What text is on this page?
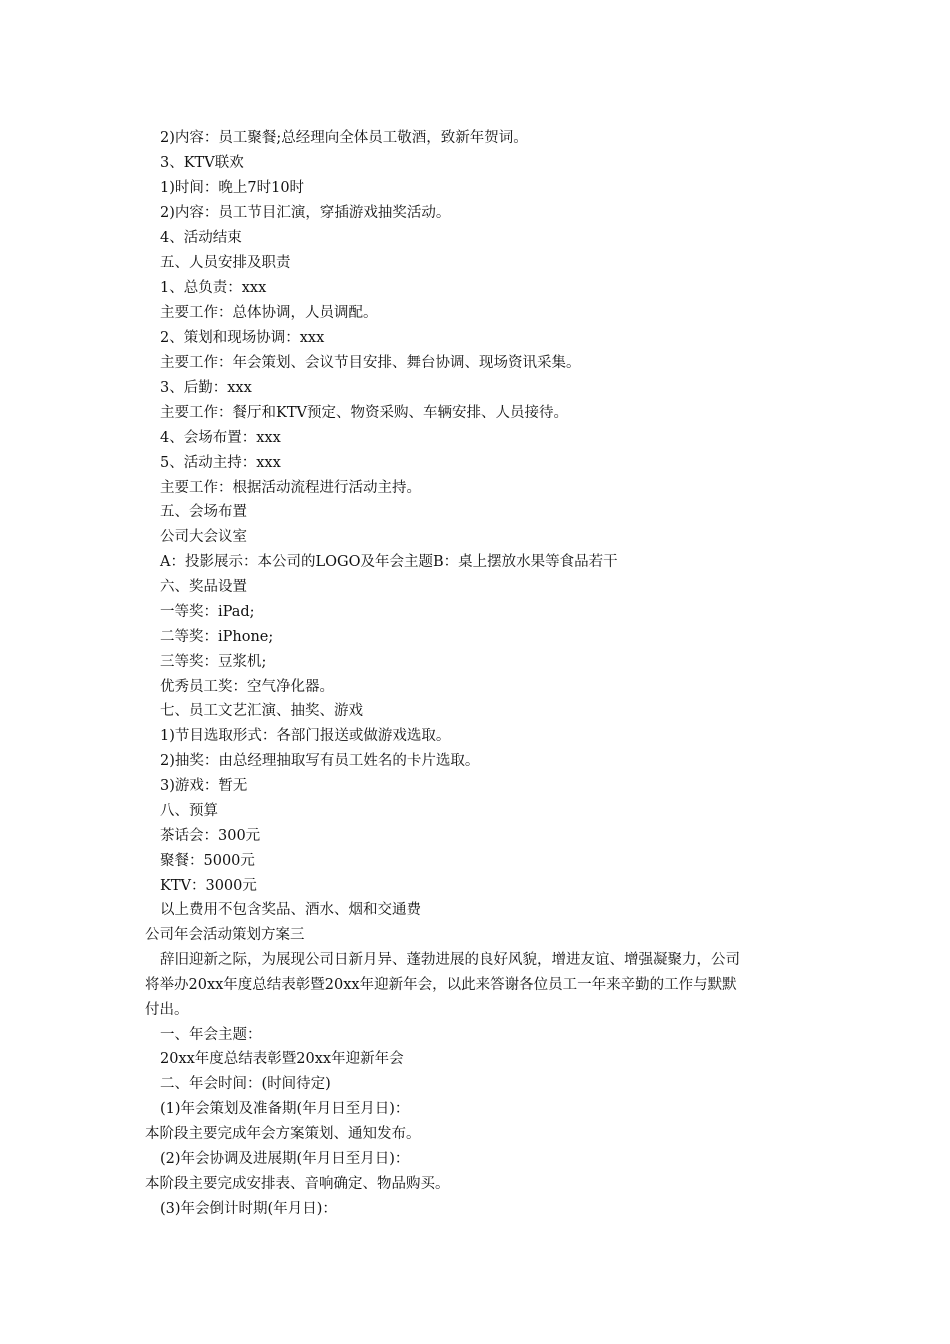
2)内容：员工聚餐;总经理向全体员工敬酒，致新年贺词。
3、KTV联欢
1)时间：晚上7时10时
2)内容：员工节目汇演，穿插游戏抽奖活动。
4、活动结束
五、人员安排及职责
1、总负责：xxx
主要工作：总体协调，人员调配。
2、策划和现场协调：xxx
主要工作：年会策划、会议节目安排、舞台协调、现场资讯采集。
3、后勤：xxx
主要工作：餐厅和KTV预定、物资采购、车辆安排、人员接待。
4、会场布置：xxx
5、活动主持：xxx
主要工作：根据活动流程进行活动主持。
五、会场布置
公司大会议室
A：投影展示：本公司的LOGO及年会主题B：桌上摆放水果等食品若干
六、奖品设置
一等奖：iPad;
二等奖：iPhone;
三等奖：豆浆机;
优秀员工奖：空气净化器。
七、员工文艺汇演、抽奖、游戏
1)节目选取形式：各部门报送或做游戏选取。
2)抽奖：由总经理抽取写有员工姓名的卡片选取。
3)游戏：暂无
八、预算
茶话会：300元
聚餐：5000元
KTV：3000元
以上费用不包含奖品、酒水、烟和交通费
公司年会活动策划方案三
辞旧迎新之际，为展现公司日新月异、蓬勃进展的良好风貌，增进友谊、增强凝聚力，公司
将举办20xx年度总结表彰暨20xx年迎新年会，以此来答谢各位员工一年来辛勤的工作与默默
付出。
一、年会主题：
20xx年度总结表彰暨20xx年迎新年会
二、年会时间：(时间待定)
(1)年会策划及准备期(年月日至月日)：
本阶段主要完成年会方案策划、通知发布。
(2)年会协调及进展期(年月日至月日)：
本阶段主要完成安排表、音响确定、物品购买。
(3)年会倒计时期(年月日)：
